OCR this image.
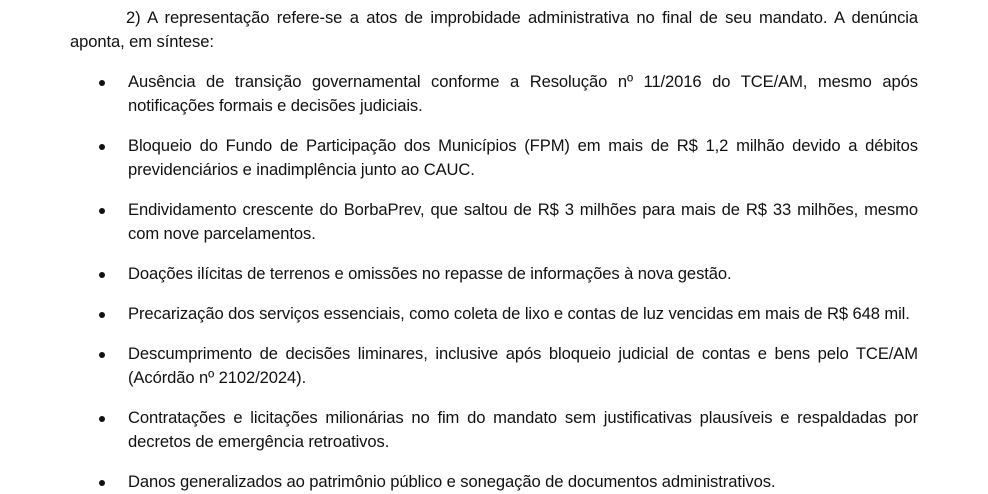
2) A representação refere-se a atos de improbidade administrativa no final de seu mandato. A denúncia aponta, em síntese:

Ausência de transição governamental conforme a Resolução nº 11/2016 do TCE/AM, mesmo após notificações formais e decisões judiciais.
Bloqueio do Fundo de Participação dos Municípios (FPM) em mais de R$ 1,2 milhão devido a débitos previdenciários e inadimplência junto ao CAUC.
Endividamento crescente do BorbaPrev, que saltou de R$ 3 milhões para mais de R$ 33 milhões, mesmo com nove parcelamentos.
Doações ilícitas de terrenos e omissões no repasse de informações à nova gestão.
Precarização dos serviços essenciais, como coleta de lixo e contas de luz vencidas em mais de R$ 648 mil.
Descumprimento de decisões liminares, inclusive após bloqueio judicial de contas e bens pelo TCE/AM (Acórdão nº 2102/2024).
Contratações e licitações milionárias no fim do mandato sem justificativas plausíveis e respaldadas por decretos de emergência retroativos.
Danos generalizados ao patrimônio público e sonegação de documentos administrativos.
